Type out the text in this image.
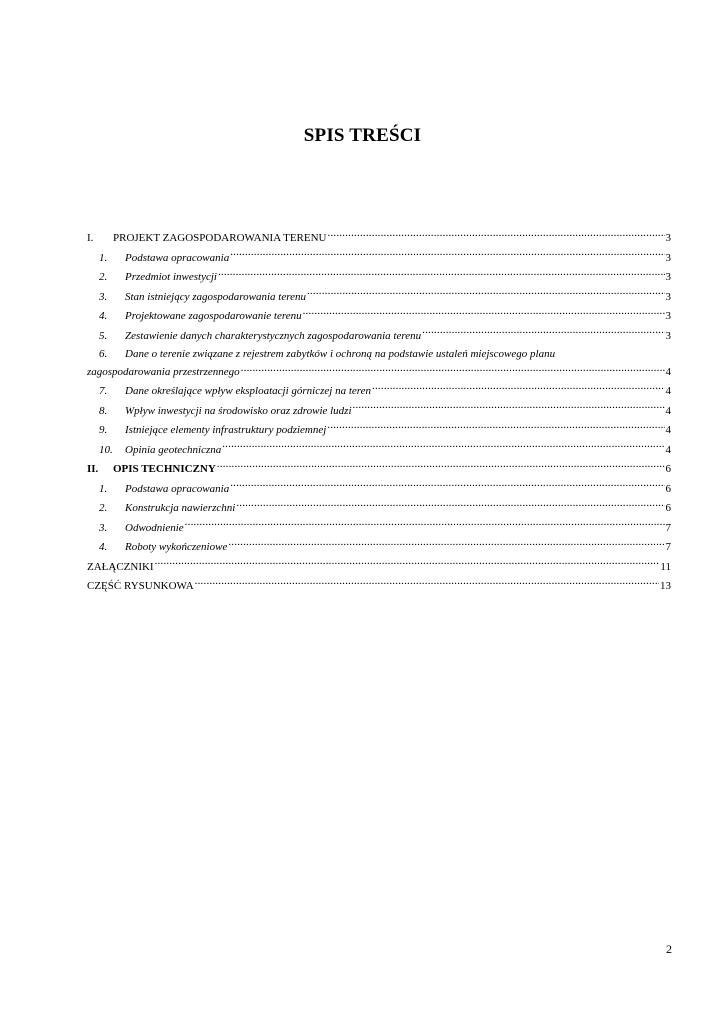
SPIS TREŚCI
I.	PROJEKT ZAGOSPODAROWANIA TERENU .....	3
1.	Podstawa opracowania .....	3
2.	Przedmiot inwestycji .....	3
3.	Stan istniejący zagospodarowania terenu .....	3
4.	Projektowane zagospodarowanie terenu .....	3
5.	Zestawienie danych charakterystycznych zagospodarowania terenu .....	3
6.	Dane o terenie związane z rejestrem zabytków i ochroną na podstawie ustaleń miejscowego planu
zagospodarowania przestrzennego .....	4
7.	Dane określające wpływ eksploatacji górniczej na teren .....	4
8.	Wpływ inwestycji na środowisko oraz zdrowie ludzi .....	4
9.	Istniejące elementy infrastruktury podziemnej .....	4
10.	Opinia geotechniczna .....	4
II.	OPIS TECHNICZNY .....	6
1.	Podstawa opracowania .....	6
2.	Konstrukcja nawierzchni .....	6
3.	Odwodnienie .....	7
4.	Roboty wykończeniowe .....	7
ZAŁĄCZNIKI .....	11
CZĘŚĆ RYSUNKOWA .....	13
2
